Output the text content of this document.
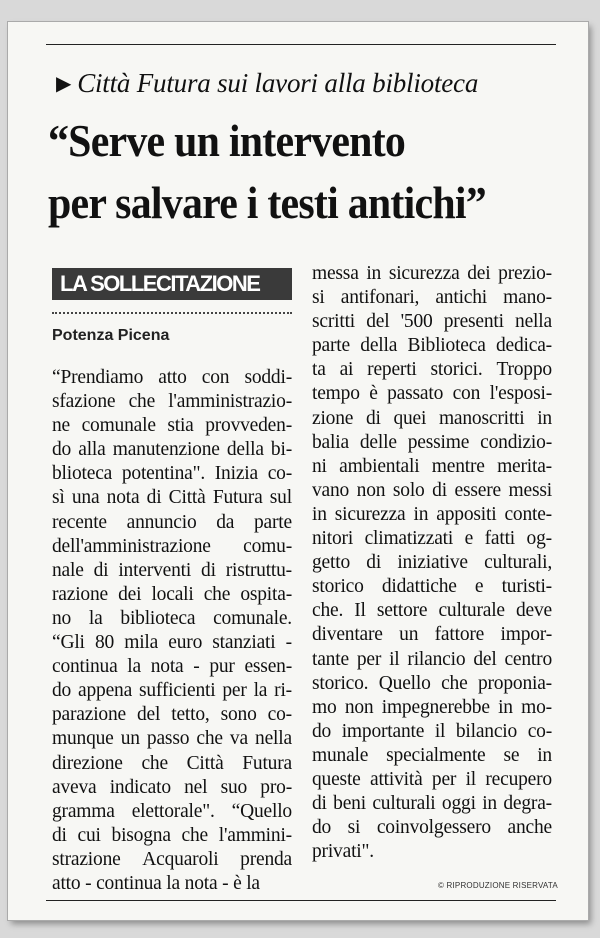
▶ Città Futura sui lavori alla biblioteca
“Serve un intervento
per salvare i testi antichi”
LA SOLLECITAZIONE
Potenza Picena
“Prendiamo atto con soddi-
sfazione che l'amministrazio-
ne comunale stia provveden-
do alla manutenzione della bi-
blioteca potentina". Inizia co-
sì una nota di Città Futura sul
recente annuncio da parte
dell'amministrazione comu-
nale di interventi di ristruttu-
razione dei locali che ospita-
no la biblioteca comunale.
“Gli 80 mila euro stanziati -
continua la nota - pur essen-
do appena sufficienti per la ri-
parazione del tetto, sono co-
munque un passo che va nella
direzione che Città Futura
aveva indicato nel suo pro-
gramma elettorale". “Quello
di cui bisogna che l'ammini-
strazione Acquaroli prenda
atto - continua la nota - è la
messa in sicurezza dei prezio-
si antifonari, antichi mano-
scritti del '500 presenti nella
parte della Biblioteca dedica-
ta ai reperti storici. Troppo
tempo è passato con l'esposi-
zione di quei manoscritti in
balia delle pessime condizio-
ni ambientali mentre merita-
vano non solo di essere messi
in sicurezza in appositi conte-
nitori climatizzati e fatti og-
getto di iniziative culturali,
storico didattiche e turisti-
che. Il settore culturale deve
diventare un fattore impor-
tante per il rilancio del centro
storico. Quello che proponia-
mo non impegnerebbe in mo-
do importante il bilancio co-
munale specialmente se in
queste attività per il recupero
di beni culturali oggi in degra-
do si coinvolgessero anche
privati".
© RIPRODUZIONE RISERVATA
